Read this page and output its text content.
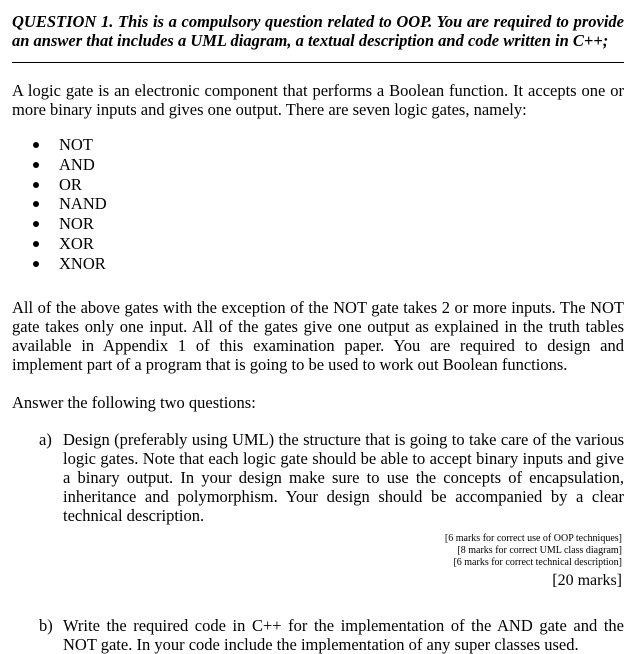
QUESTION 1. This is a compulsory question related to OOP. You are required to provide an answer that includes a UML diagram, a textual description and code written in C++;

A logic gate is an electronic component that performs a Boolean function. It accepts one or more binary inputs and gives one output. There are seven logic gates, namely:

NOT
AND
OR
NAND
NOR
XOR
XNOR

All of the above gates with the exception of the NOT gate takes 2 or more inputs. The NOT gate takes only one input. All of the gates give one output as explained in the truth tables available in Appendix 1 of this examination paper. You are required to design and implement part of a program that is going to be used to work out Boolean functions.

Answer the following two questions:

a) Design (preferably using UML) the structure that is going to take care of the various logic gates. Note that each logic gate should be able to accept binary inputs and give a binary output. In your design make sure to use the concepts of encapsulation, inheritance and polymorphism. Your design should be accompanied by a clear technical description.

[6 marks for correct use of OOP techniques]
[8 marks for correct UML class diagram]
[6 marks for correct technical description]
[20 marks]
b) Write the required code in C++ for the implementation of the AND gate and the NOT gate. In your code include the implementation of any super classes used.
